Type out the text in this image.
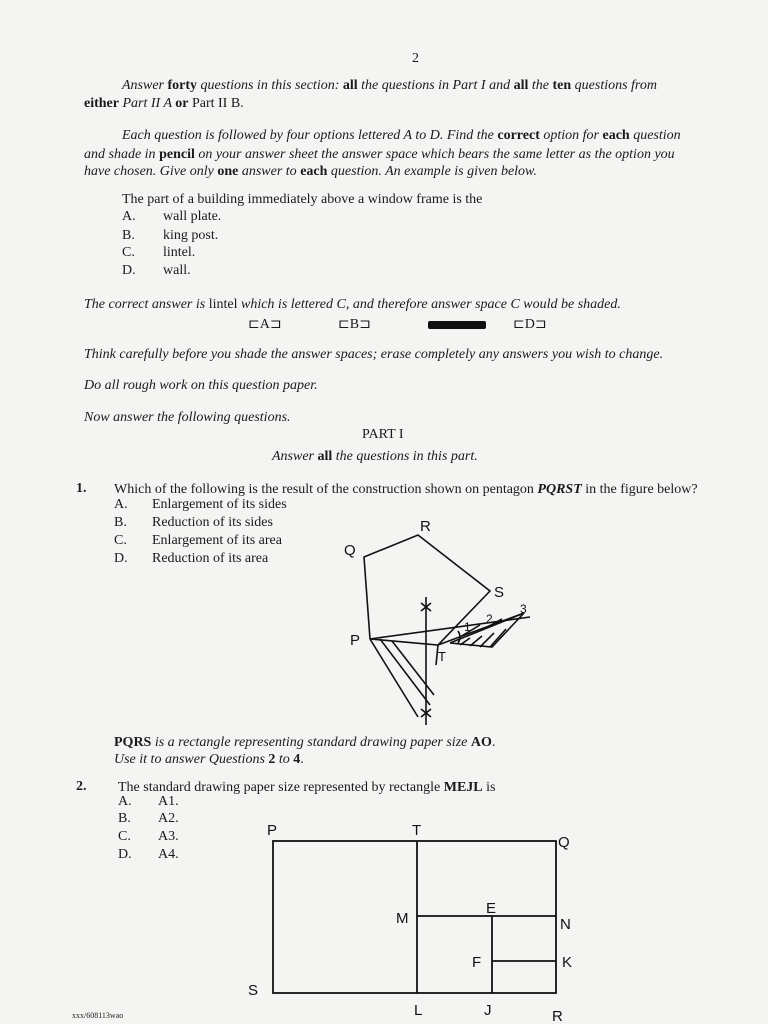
2
Answer forty questions in this section: all the questions in Part I and all the ten questions from
either Part II A or Part II B.
Each question is followed by four options lettered A to D. Find the correct option for each question
and shade in pencil on your answer sheet the answer space which bears the same letter as the option you
have chosen. Give only one answer to each question. An example is given below.
The part of a building immediately above a window frame is the
A. wall plate.
B. king post.
C. lintel.
D. wall.
The correct answer is lintel which is lettered C, and therefore answer space C would be shaded.
⊏A⊐	⊏B⊐	⊏D⊐
Think carefully before you shade the answer spaces; erase completely any answers you wish to change.
Do all rough work on this question paper.
Now answer the following questions.
PART I
Answer all the questions in this part.
1. Which of the following is the result of the construction shown on pentagon PQRST in the figure below?
A. Enlargement of its sides
B. Reduction of its sides
C. Enlargement of its area
D. Reduction of its area
R
Q
S
P
T
1
2
3
PQRS is a rectangle representing standard drawing paper size AO.
Use it to answer Questions 2 to 4.
2. The standard drawing paper size represented by rectangle MEJL is
A. A1.
B. A2.
C. A3.
D. A4.
P	T
Q
M
E
N
F	K
S
L	J	R
xxx/608113wao
